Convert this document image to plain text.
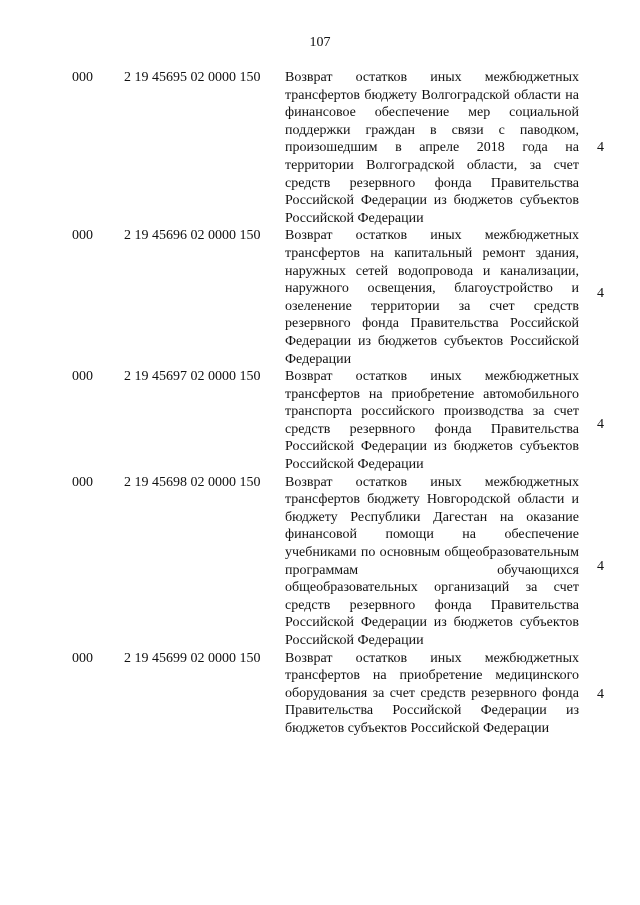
107
000 2 19 45695 02 0000 150 Возврат остатков иных межбюджетных трансфертов бюджету Волгоградской области на финансовое обеспечение мер социальной поддержки граждан в связи с паводком, произошедшим в апреле 2018 года на территории Волгоградской области, за счет средств резервного фонда Правительства Российской Федерации из бюджетов субъектов Российской Федерации
4
000 2 19 45696 02 0000 150 Возврат остатков иных межбюджетных трансфертов на капитальный ремонт здания, наружных сетей водопровода и канализации, наружного освещения, благоустройство и озеленение территории за счет средств резервного фонда Правительства Российской Федерации из бюджетов субъектов Российской Федерации
4
000 2 19 45697 02 0000 150 Возврат остатков иных межбюджетных трансфертов на приобретение автомобильного транспорта российского производства за счет средств резервного фонда Правительства Российской Федерации из бюджетов субъектов Российской Федерации
4
000 2 19 45698 02 0000 150 Возврат остатков иных межбюджетных трансфертов бюджету Новгородской области и бюджету Республики Дагестан на оказание финансовой помощи на обеспечение учебниками по основным общеобразовательным программам обучающихся общеобразовательных организаций за счет средств резервного фонда Правительства Российской Федерации из бюджетов субъектов Российской Федерации
4
000 2 19 45699 02 0000 150 Возврат остатков иных межбюджетных трансфертов на приобретение медицинского оборудования за счет средств резервного фонда Правительства Российской Федерации из бюджетов субъектов Российской Федерации
4
